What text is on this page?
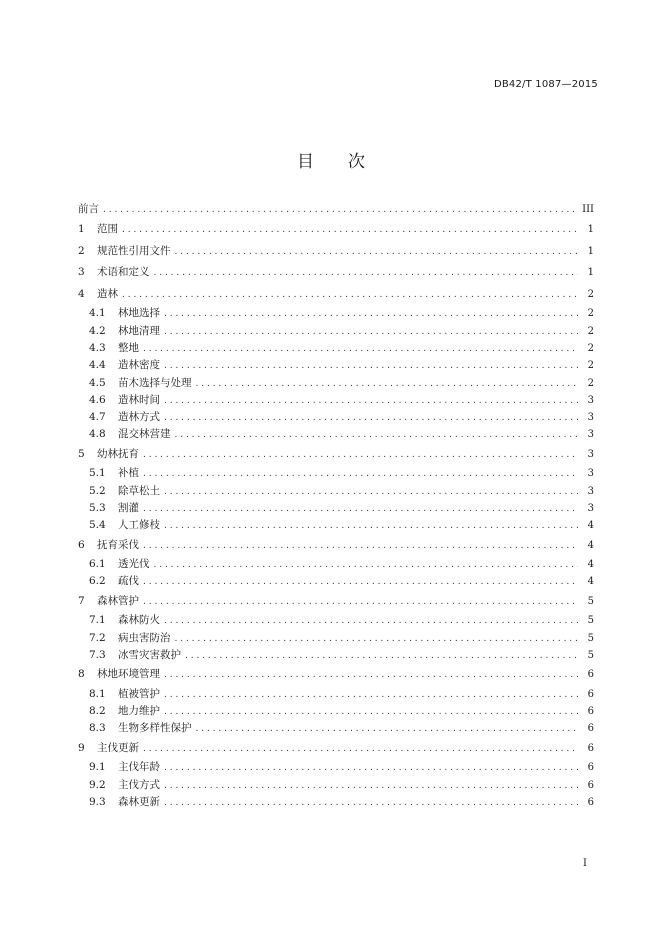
DB42/T 1087—2015
目 次
前言 . . .	III
1	范围 . . .	1
2	规范性引用文件 . . .	1
3	术语和定义 . . .	1
4	造林 . . .	2
4.1	林地选择 . . .	2
4.2	林地清理 . . .	2
4.3	整地 . . .	2
4.4	造林密度 . . .	2
4.5	苗木选择与处理 . . .	2
4.6	造林时间 . . .	3
4.7	造林方式 . . .	3
4.8	混交林营建 . . .	3
5	幼林抚育 . . .	3
5.1	补植 . . .	3
5.2	除草松土 . . .	3
5.3	割灌 . . .	3
5.4	人工修枝 . . .	4
6	抚育采伐 . . .	4
6.1	透光伐 . . .	4
6.2	疏伐 . . .	4
7	森林管护 . . .	5
7.1	森林防火 . . .	5
7.2	病虫害防治 . . .	5
7.3	冰雪灾害救护 . . .	5
8	林地环境管理 . . .	6
8.1	植被管护 . . .	6
8.2	地力维护 . . .	6
8.3	生物多样性保护 . . .	6
9	主伐更新 . . .	6
9.1	主伐年龄 . . .	6
9.2	主伐方式 . . .	6
9.3	森林更新 . . .	6
I
